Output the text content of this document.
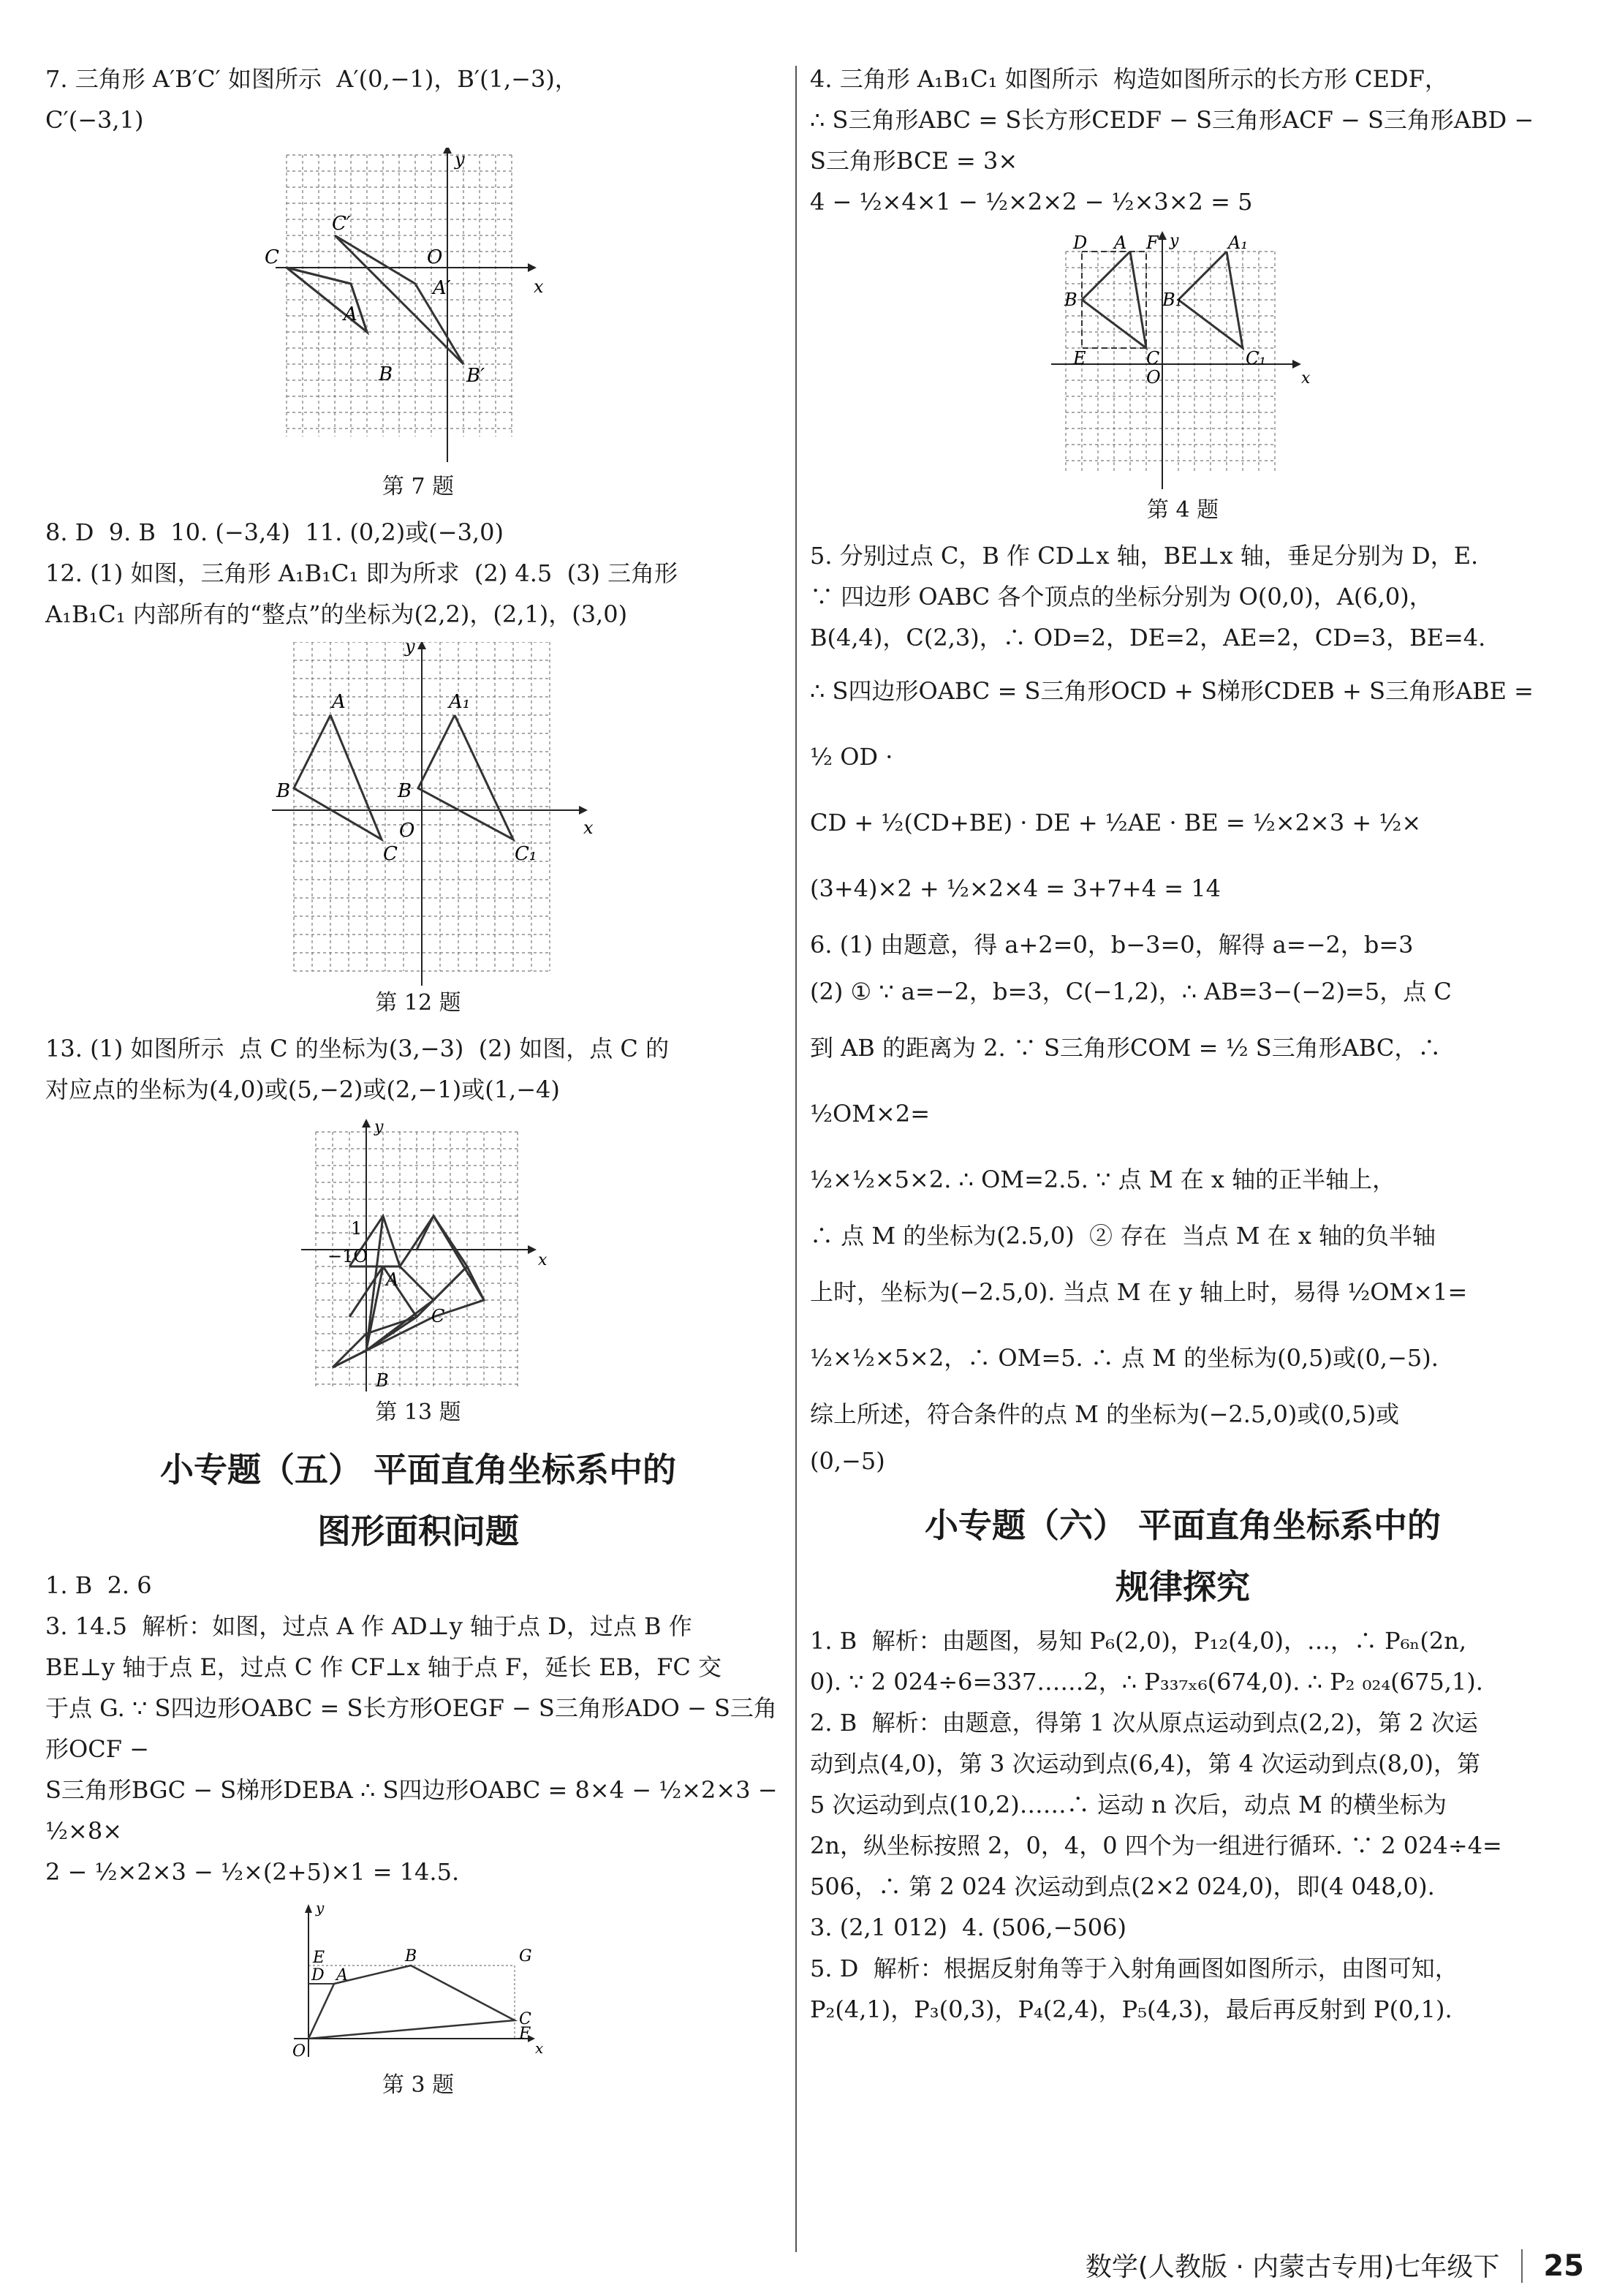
7. 三角形 A′B′C′ 如图所示  A′(0,−1)，B′(1,−3)，

C′(−3,1)

y
x
O
C
C′
A
A′
B	B′
第 7 题

8. D  9. B  10. (−3,4)  11. (0,2)或(−3,0)

12. (1) 如图，三角形 A₁B₁C₁ 即为所求  (2) 4.5  (3) 三角形

A₁B₁C₁ 内部所有的“整点”的坐标为(2,2)，(2,1)，(3,0)

y
x
O
A	A₁
B	B
C	C₁
第 12 题

13. (1) 如图所示  点 C 的坐标为(3,−3)  (2) 如图，点 C 的

对应点的坐标为(4,0)或(5,−2)或(2,−1)或(1,−4)

y
x
1
−1O
A
B
C
第 13 题
小专题（五） 平面直角坐标系中的
图形面积问题

1. B  2. 6

3. 14.5  解析：如图，过点 A 作 AD⊥y 轴于点 D，过点 B 作

BE⊥y 轴于点 E，过点 C 作 CF⊥x 轴于点 F，延长 EB，FC 交

于点 G. ∵ S四边形OABC = S长方形OEGF − S三角形ADO − S三角形OCF −

S三角形BGC − S梯形DEBA ∴ S四边形OABC = 8×4 − ½×2×3 − ½×8×

2 − ½×2×3 − ½×(2+5)×1 = 14.5.

y
x
O
E
D A
B	G
C
F
第 3 题

4. 三角形 A₁B₁C₁ 如图所示  构造如图所示的长方形 CEDF，

∴ S三角形ABC = S长方形CEDF − S三角形ACF − S三角形ABD − S三角形BCE = 3×

4 − ½×4×1 − ½×2×2 − ½×3×2 = 5

y
x
O
D A F	A₁
B	B₁
E	C	C₁
第 4 题

5. 分别过点 C，B 作 CD⊥x 轴，BE⊥x 轴，垂足分别为 D，E.

∵ 四边形 OABC 各个顶点的坐标分别为 O(0,0)，A(6,0)，

B(4,4)，C(2,3)，∴ OD=2，DE=2，AE=2，CD=3，BE=4.

∴ S四边形OABC = S三角形OCD + S梯形CDEB + S三角形ABE = ½ OD ·

CD + ½(CD+BE) · DE + ½AE · BE = ½×2×3 + ½×

(3+4)×2 + ½×2×4 = 3+7+4 = 14

6. (1) 由题意，得 a+2=0，b−3=0，解得 a=−2，b=3

(2) ① ∵ a=−2，b=3，C(−1,2)，∴ AB=3−(−2)=5，点 C

到 AB 的距离为 2. ∵ S三角形COM = ½ S三角形ABC，∴ ½OM×2=

½×½×5×2. ∴ OM=2.5. ∵ 点 M 在 x 轴的正半轴上，

∴ 点 M 的坐标为(2.5,0)  ② 存在  当点 M 在 x 轴的负半轴

上时，坐标为(−2.5,0). 当点 M 在 y 轴上时，易得 ½OM×1=

½×½×5×2，∴ OM=5. ∴ 点 M 的坐标为(0,5)或(0,−5).

综上所述，符合条件的点 M 的坐标为(−2.5,0)或(0,5)或

(0,−5)

小专题（六） 平面直角坐标系中的
规律探究

1. B  解析：由题图，易知 P₆(2,0)，P₁₂(4,0)，…，∴ P₆ₙ(2n,

0). ∵ 2 024÷6=337……2，∴ P₃₃₇ₓ₆(674,0). ∴ P₂ ₀₂₄(675,1).

2. B  解析：由题意，得第 1 次从原点运动到点(2,2)，第 2 次运

动到点(4,0)，第 3 次运动到点(6,4)，第 4 次运动到点(8,0)，第

5 次运动到点(10,2)……∴ 运动 n 次后，动点 M 的横坐标为

2n，纵坐标按照 2，0，4，0 四个为一组进行循环. ∵ 2 024÷4=

506，∴ 第 2 024 次运动到点(2×2 024,0)，即(4 048,0).

3. (2,1 012)  4. (506,−506)

5. D  解析：根据反射角等于入射角画图如图所示，由图可知，

P₂(4,1)，P₃(0,3)，P₄(2,4)，P₅(4,3)，最后再反射到 P(0,1).

数学(人教版 · 内蒙古专用)七年级下 25
